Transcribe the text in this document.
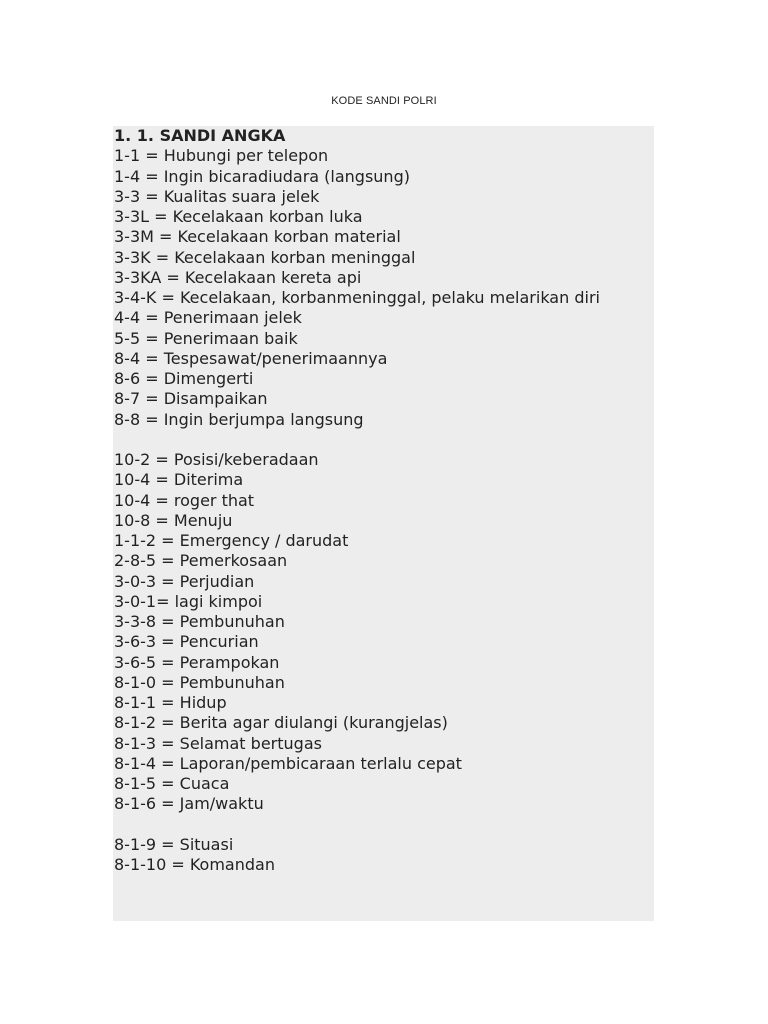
KODE SANDI POLRI
1. 1. SANDI ANGKA
1-1 = Hubungi per telepon
1-4 = Ingin bicaradiudara (langsung)
3-3 = Kualitas suara jelek
3-3L = Kecelakaan korban luka
3-3M = Kecelakaan korban material
3-3K = Kecelakaan korban meninggal
3-3KA = Kecelakaan kereta api
3-4-K = Kecelakaan, korbanmeninggal, pelaku melarikan diri
4-4 = Penerimaan jelek
5-5 = Penerimaan baik
8-4 = Tespesawat/penerimaannya
8-6 = Dimengerti
8-7 = Disampaikan
8-8 = Ingin berjumpa langsung
10-2 = Posisi/keberadaan
10-4 = Diterima
10-4 = roger that
10-8 = Menuju
1-1-2 = Emergency / darudat
2-8-5 = Pemerkosaan
3-0-3 = Perjudian
3-0-1= lagi kimpoi
3-3-8 = Pembunuhan
3-6-3 = Pencurian
3-6-5 = Perampokan
8-1-0 = Pembunuhan
8-1-1 = Hidup
8-1-2 = Berita agar diulangi (kurangjelas)
8-1-3 = Selamat bertugas
8-1-4 = Laporan/pembicaraan terlalu cepat
8-1-5 = Cuaca
8-1-6 = Jam/waktu
8-1-9 = Situasi
8-1-10 = Komandan
